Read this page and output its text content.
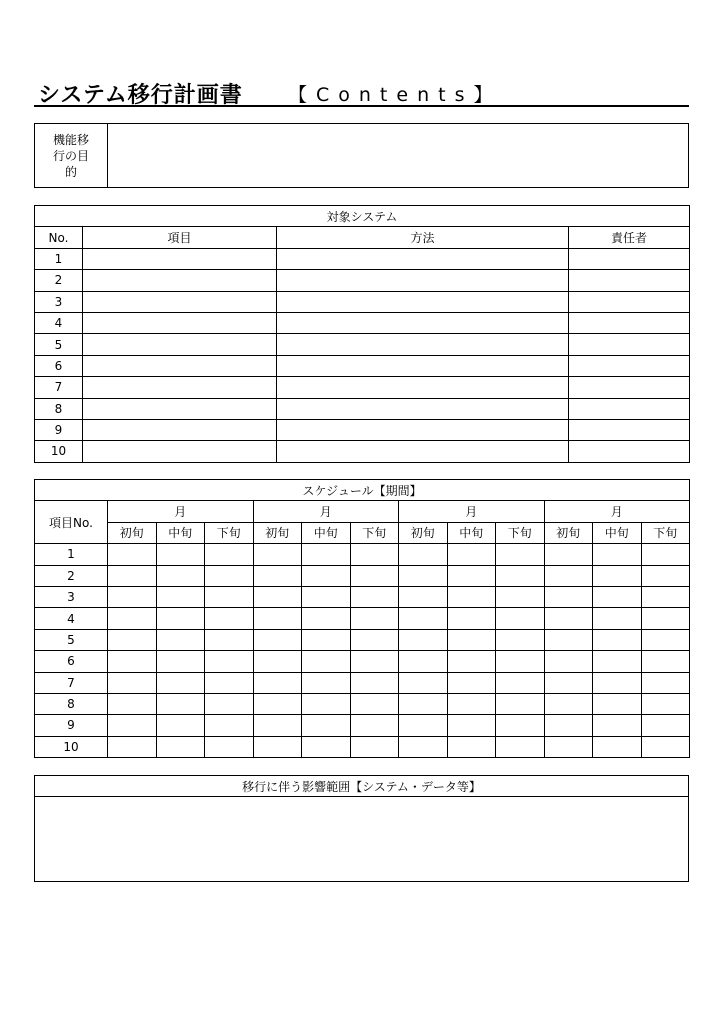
システム移行計画書 【Contents】
機能移行の目的	
対象システム			
No.	項目	方法	責任者
1			
2			
3			
4			
5			
6			
7			
8			
9			
10			
スケジュール【期間】												
項目No.	月			月			月			月		
	初旬	中旬	下旬	初旬	中旬	下旬	初旬	中旬	下旬	初旬	中旬	下旬
1												
2												
3												
4												
5												
6												
7												
8												
9												
10												
移行に伴う影響範囲【システム・データ等】
